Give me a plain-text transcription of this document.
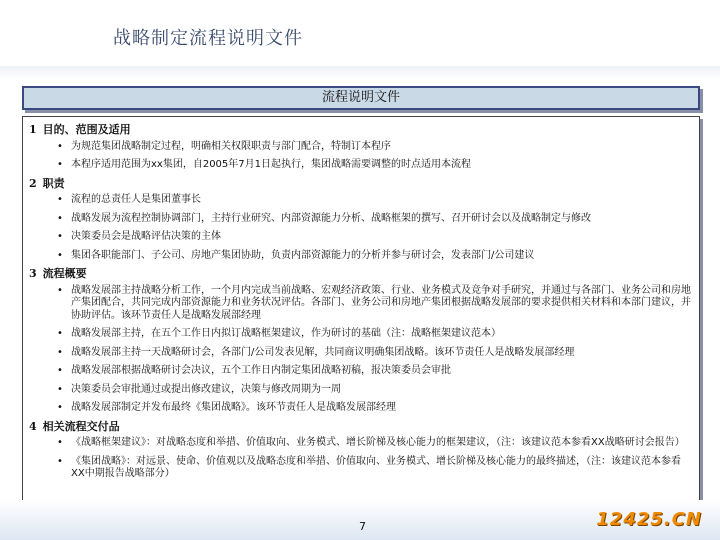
战略制定流程说明文件
流程说明文件
1 目的、范围及适用
• 为规范集团战略制定过程，明确相关权限职责与部门配合，特制订本程序
• 本程序适用范围为xx集团，自2005年7月1日起执行，集团战略需要调整的时点适用本流程
2 职责
• 流程的总责任人是集团董事长
• 战略发展为流程控制协调部门，主持行业研究、内部资源能力分析、战略框架的撰写、召开研讨会以及战略制定与修改
• 决策委员会是战略评估决策的主体
• 集团各职能部门、子公司、房地产集团协助，负责内部资源能力的分析并参与研讨会，发表部门/公司建议
3 流程概要
• 战略发展部主持战略分析工作，一个月内完成当前战略、宏观经济政策、行业、业务模式及竞争对手研究，并通过与各部门、业务公司和房地产集团配合，共同完成内部资源能力和业务状况评估。各部门、业务公司和房地产集团根据战略发展部的要求提供相关材料和本部门建议，并协助评估。该环节责任人是战略发展部经理
• 战略发展部主持，在五个工作日内拟订战略框架建议，作为研讨的基础（注：战略框架建议范本）
• 战略发展部主持一天战略研讨会，各部门/公司发表见解，共同商议明确集团战略。该环节责任人是战略发展部经理
• 战略发展部根据战略研讨会决议，五个工作日内制定集团战略初稿，报决策委员会审批
• 决策委员会审批通过或提出修改建议，决策与修改周期为一周
• 战略发展部制定并发布最终《集团战略》。该环节责任人是战略发展部经理
4 相关流程交付品
• 《战略框架建议》：对战略态度和举措、价值取向、业务模式、增长阶梯及核心能力的框架建议，（注：该建议范本参看XX战略研讨会报告）
• 《集团战略》：对远景、使命、价值观以及战略态度和举措、价值取向、业务模式、增长阶梯及核心能力的最终描述，（注：该建议范本参看XX中期报告战略部分）
7	12425.CN
